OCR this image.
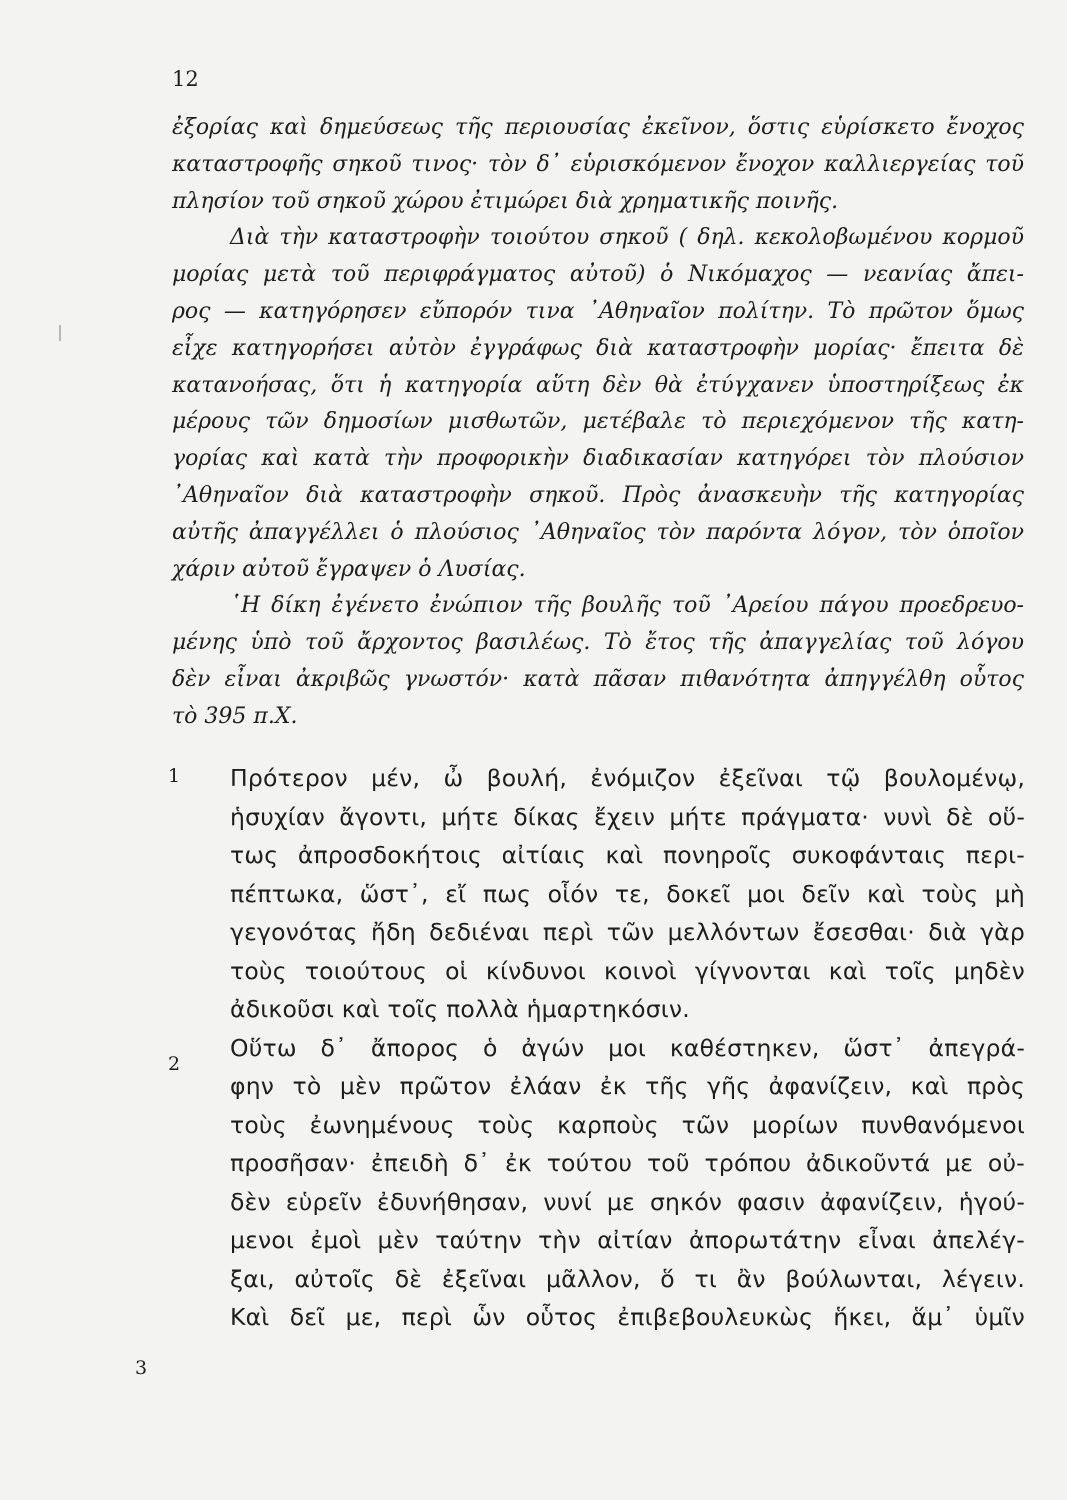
12

ἐξορίας καὶ δημεύσεως τῆς περιουσίας ἐκεῖνον, ὅστις εὑρίσκετο ἔνοχος
καταστροφῆς σηκοῦ τινος· τὸν δ᾽ εὑρισκόμενον ἔνοχον καλλιεργείας τοῦ
πλησίον τοῦ σηκοῦ χώρου ἐτιμώρει διὰ χρηματικῆς ποινῆς.
Διὰ τὴν καταστροφὴν τοιούτου σηκοῦ ( δηλ. κεκολοβωμένου κορμοῦ
μορίας μετὰ τοῦ περιφράγματος αὐτοῦ) ὁ Νικόμαχος — νεανίας ἄπει-
ρος — κατηγόρησεν εὔπορόν τινα ᾿Αθηναῖον πολίτην. Τὸ πρῶτον ὅμως
εἶχε κατηγορήσει αὐτὸν ἐγγράφως διὰ καταστροφὴν μορίας· ἔπειτα δὲ
κατανοήσας, ὅτι ἡ κατηγορία αὕτη δὲν θὰ ἐτύγχανεν ὑποστηρίξεως ἐκ
μέρους τῶν δημοσίων μισθωτῶν, μετέβαλε τὸ περιεχόμενον τῆς κατη-
γορίας καὶ κατὰ τὴν προφορικὴν διαδικασίαν κατηγόρει τὸν πλούσιον
᾿Αθηναῖον διὰ καταστροφὴν σηκοῦ. Πρὸς ἀνασκευὴν τῆς κατηγορίας
αὐτῆς ἀπαγγέλλει ὁ πλούσιος ᾿Αθηναῖος τὸν παρόντα λόγον, τὸν ὁποῖον
χάριν αὐτοῦ ἔγραψεν ὁ Λυσίας.
῾Η δίκη ἐγένετο ἐνώπιον τῆς βουλῆς τοῦ ᾿Αρείου πάγου προεδρευο-
μένης ὑπὸ τοῦ ἄρχοντος βασιλέως. Τὸ ἔτος τῆς ἀπαγγελίας τοῦ λόγου
δὲν εἶναι ἀκριβῶς γνωστόν· κατὰ πᾶσαν πιθανότητα ἀπηγγέλθη οὗτος
τὸ 395 π.Χ.

1

2

3

Πρότερον μέν, ὦ βουλή, ἐνόμιζον ἐξεῖναι τῷ βουλομένῳ,
ἡσυχίαν ἄγοντι, μήτε δίκας ἔχειν μήτε πράγματα· νυνὶ δὲ οὕ-
τως ἀπροσδοκήτοις αἰτίαις καὶ πονηροῖς συκοφάνταις περι-
πέπτωκα, ὥστ᾽, εἴ πως οἷόν τε, δοκεῖ μοι δεῖν καὶ τοὺς μὴ
γεγονότας ἤδη δεδιέναι περὶ τῶν μελλόντων ἔσεσθαι· διὰ γὰρ
τοὺς τοιούτους οἱ κίνδυνοι κοινοὶ γίγνονται καὶ τοῖς μηδὲν
ἀδικοῦσι καὶ τοῖς πολλὰ ἡμαρτηκόσιν.
Οὕτω δ᾽ ἄπορος ὁ ἀγών μοι καθέστηκεν, ὥστ᾽ ἀπεγρά-
φην τὸ μὲν πρῶτον ἐλάαν ἐκ τῆς γῆς ἀφανίζειν, καὶ πρὸς
τοὺς ἐωνημένους τοὺς καρποὺς τῶν μορίων πυνθανόμενοι
προσῆσαν· ἐπειδὴ δ᾽ ἐκ τούτου τοῦ τρόπου ἀδικοῦντά με οὐ-
δὲν εὑρεῖν ἐδυνήθησαν, νυνί με σηκόν φασιν ἀφανίζειν, ἡγού-
μενοι ἐμοὶ μὲν ταύτην τὴν αἰτίαν ἀπορωτάτην εἶναι ἀπελέγ-
ξαι, αὐτοῖς δὲ ἐξεῖναι μᾶλλον, ὅ τι ἂν βούλωνται, λέγειν.
Καὶ δεῖ με, περὶ ὧν οὗτος ἐπιβεβουλευκὼς ἥκει, ἅμ᾽ ὑμῖν
